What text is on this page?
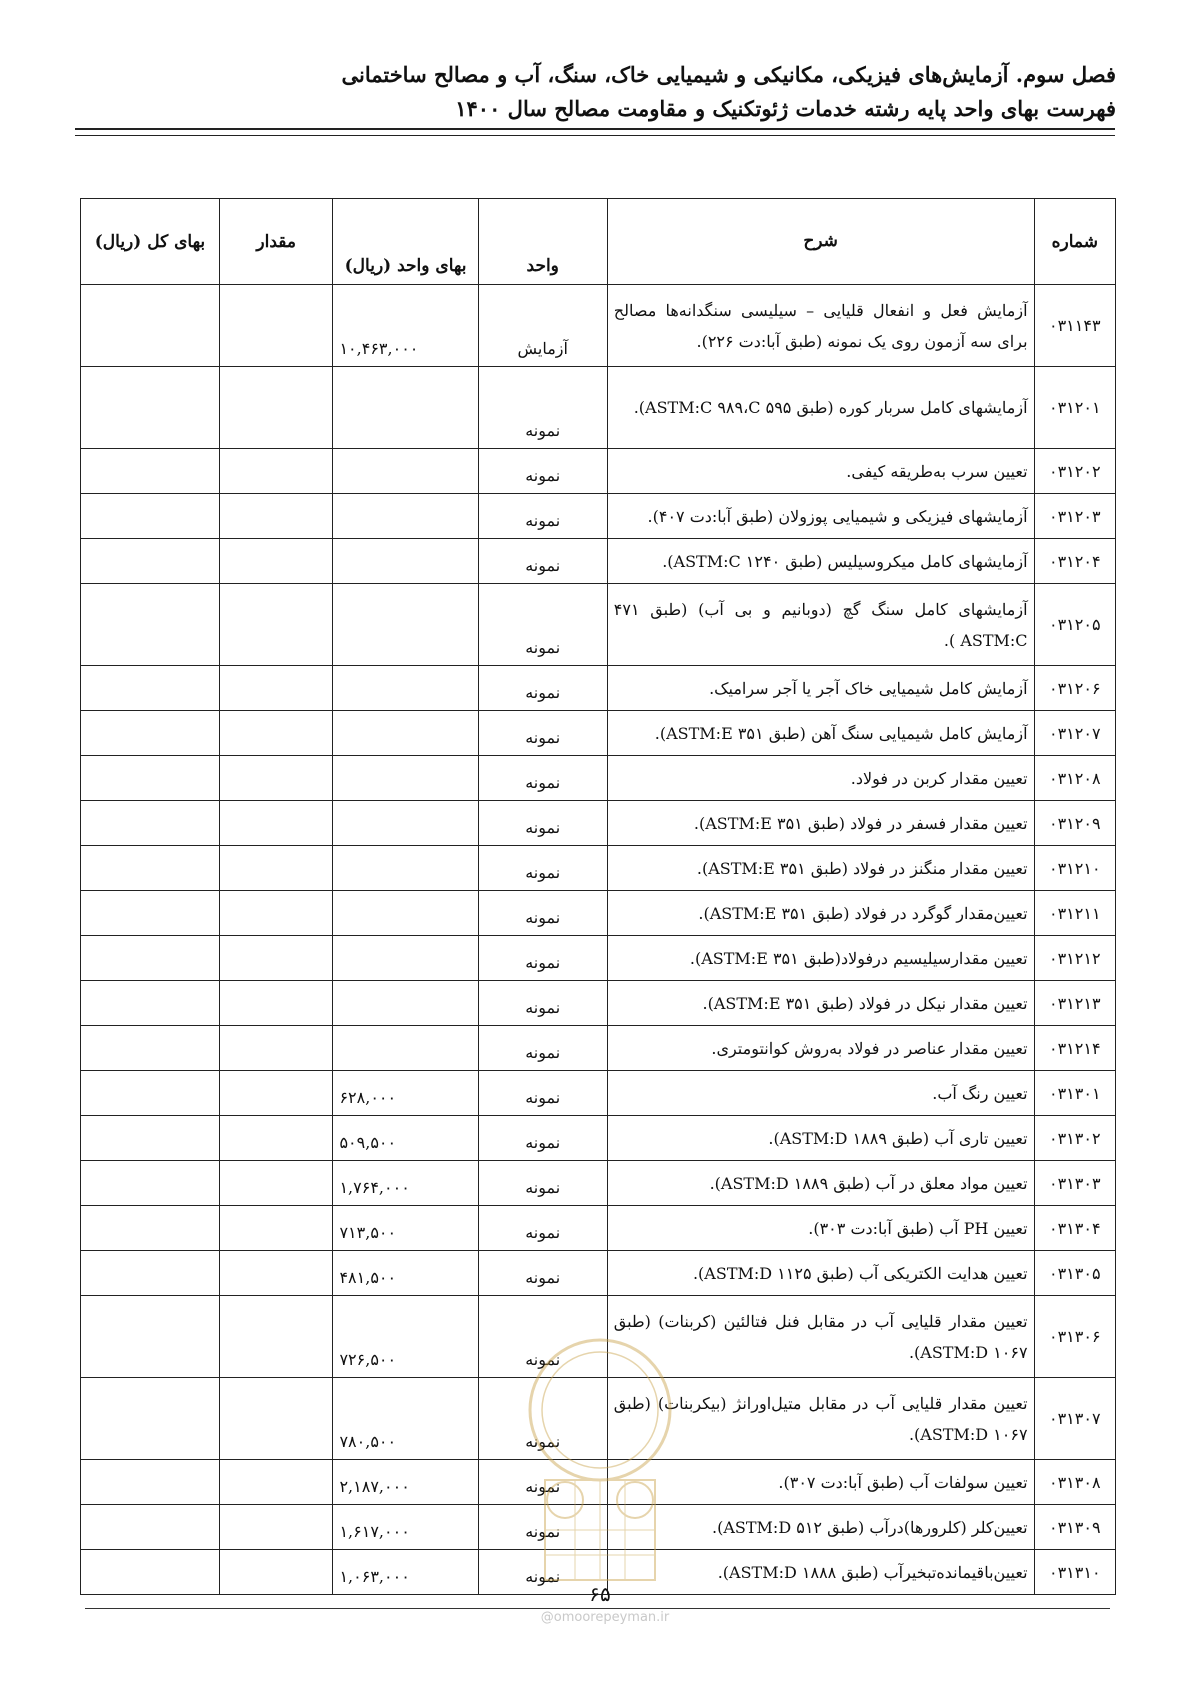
فصل سوم. آزمایش‌های فیزیکی، مکانیکی و شیمیایی خاک، سنگ، آب و مصالح ساختمانی
فهرست بهای واحد پایه رشته خدمات ژئوتکنیک و مقاومت مصالح سال ۱۴۰۰
شماره	شرح	واحد	بهای واحد (ریال)	مقدار	بهای کل (ریال)
۰۳۱۱۴۳	آزمایش فعل و انفعال قلیایی – سیلیسی سنگدانه‌ها مصالح برای سه آزمون روی یک نمونه (طبق آبا:دت ۲۲۶).	آزمایش	۱۰,۴۶۳,۰۰۰		
۰۳۱۲۰۱	آزمایشهای کامل سربار کوره (طبق ASTM:C ۹۸۹،C ۵۹۵).	نمونه			
۰۳۱۲۰۲	تعیین سرب به‌طریقه کیفی.	نمونه			
۰۳۱۲۰۳	آزمایشهای فیزیکی و شیمیایی پوزولان (طبق آبا:دت ۴۰۷).	نمونه			
۰۳۱۲۰۴	آزمایشهای کامل میکروسیلیس (طبق ASTM:C ۱۲۴۰).	نمونه			
۰۳۱۲۰۵	آزمایشهای کامل سنگ گچ (دوبانیم و بی آب) (طبق ۴۷۱ ASTM:C ).	نمونه			
۰۳۱۲۰۶	آزمایش کامل شیمیایی خاک آجر یا آجر سرامیک.	نمونه			
۰۳۱۲۰۷	آزمایش کامل شیمیایی سنگ آهن (طبق ASTM:E ۳۵۱).	نمونه			
۰۳۱۲۰۸	تعیین مقدار کربن در فولاد.	نمونه			
۰۳۱۲۰۹	تعیین مقدار فسفر در فولاد (طبق ASTM:E ۳۵۱).	نمونه			
۰۳۱۲۱۰	تعیین مقدار منگنز در فولاد (طبق ASTM:E ۳۵۱).	نمونه			
۰۳۱۲۱۱	تعیین‌مقدار گوگرد در فولاد (طبق ASTM:E ۳۵۱).	نمونه			
۰۳۱۲۱۲	تعیین مقدارسیلیسیم درفولاد(طبق ASTM:E ۳۵۱).	نمونه			
۰۳۱۲۱۳	تعیین مقدار نیکل در فولاد (طبق ASTM:E ۳۵۱).	نمونه			
۰۳۱۲۱۴	تعیین مقدار عناصر در فولاد به‌روش کوانتومتری.	نمونه			
۰۳۱۳۰۱	تعیین رنگ آب.	نمونه	۶۲۸,۰۰۰		
۰۳۱۳۰۲	تعیین تاری آب (طبق ASTM:D ۱۸۸۹).	نمونه	۵۰۹,۵۰۰		
۰۳۱۳۰۳	تعیین مواد معلق در آب (طبق ASTM:D ۱۸۸۹).	نمونه	۱,۷۶۴,۰۰۰		
۰۳۱۳۰۴	تعیین PH آب (طبق آبا:دت ۳۰۳).	نمونه	۷۱۳,۵۰۰		
۰۳۱۳۰۵	تعیین هدایت الکتریکی آب (طبق ASTM:D ۱۱۲۵).	نمونه	۴۸۱,۵۰۰		
۰۳۱۳۰۶	تعیین مقدار قلیایی آب در مقابل فنل فتالئین (کربنات) (طبق ASTM:D ۱۰۶۷).	نمونه	۷۲۶,۵۰۰		
۰۳۱۳۰۷	تعیین مقدار قلیایی آب در مقابل متیل‌اورانژ (بیکربنات) (طبق ASTM:D ۱۰۶۷).	نمونه	۷۸۰,۵۰۰		
۰۳۱۳۰۸	تعیین سولفات آب (طبق آبا:دت ۳۰۷).	نمونه	۲,۱۸۷,۰۰۰		
۰۳۱۳۰۹	تعیین‌کلر (کلرورها)درآب (طبق ASTM:D ۵۱۲).	نمونه	۱,۶۱۷,۰۰۰		
۰۳۱۳۱۰	تعیین‌باقیمانده‌تبخیرآب (طبق ASTM:D ۱۸۸۸).	نمونه	۱,۰۶۳,۰۰۰		
۶۵
@omoorepeyman.ir
